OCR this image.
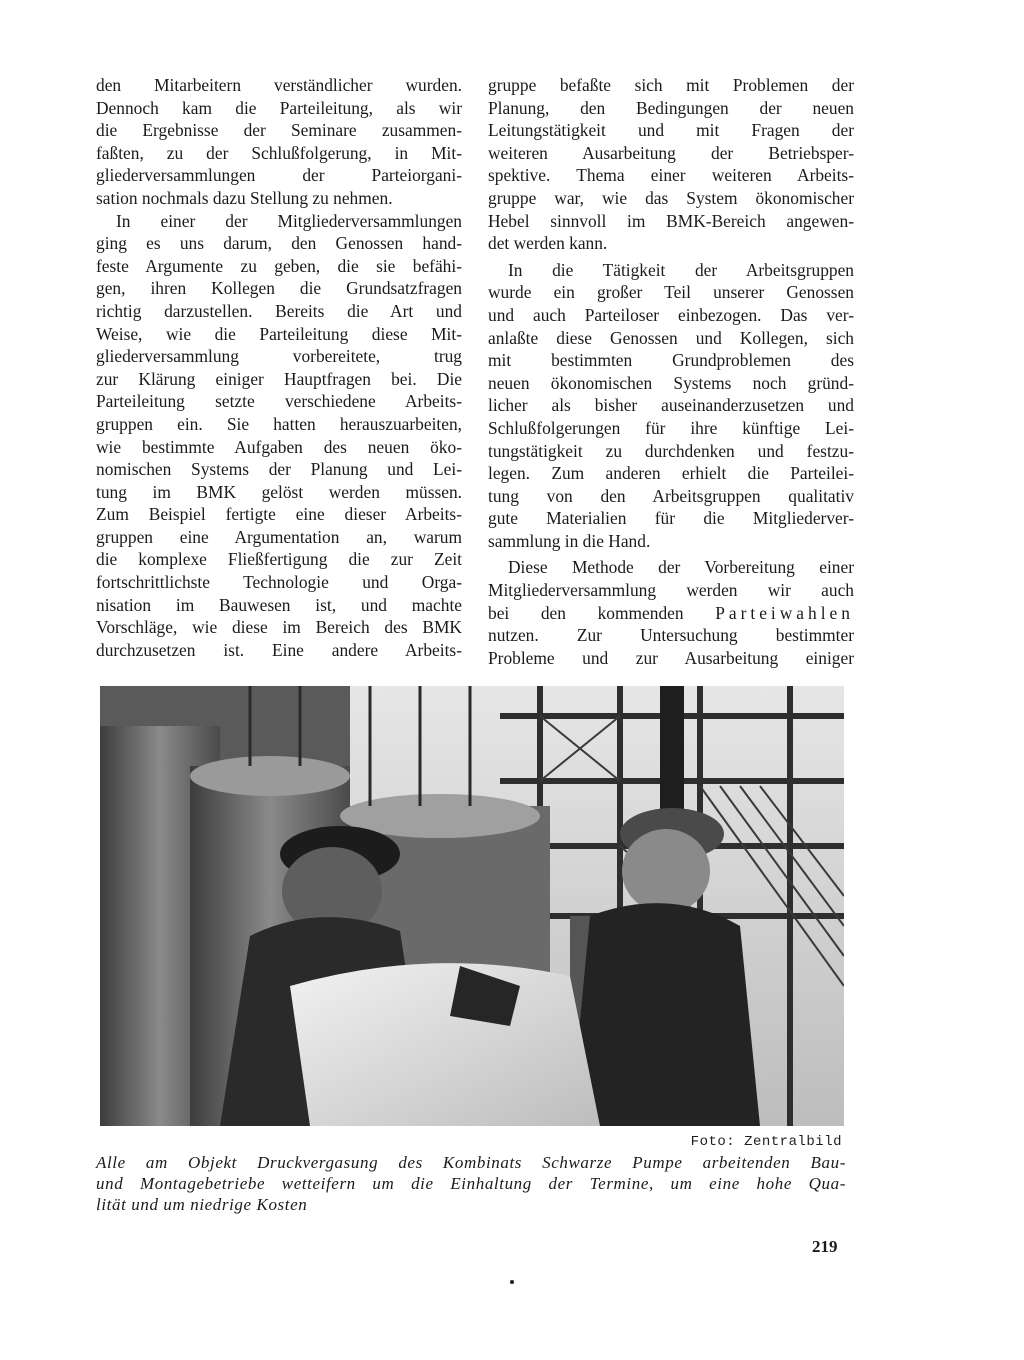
den Mitarbeitern verständlicher wurden.
Dennoch kam die Parteileitung, als wir
die Ergebnisse der Seminare zusammen-
faßten, zu der Schlußfolgerung, in Mit-
gliederversammlungen der Parteiorgani-
sation nochmals dazu Stellung zu nehmen.

In einer der Mitgliederversammlungen
ging es uns darum, den Genossen hand-
feste Argumente zu geben, die sie befähi-
gen, ihren Kollegen die Grundsatzfragen
richtig darzustellen. Bereits die Art und
Weise, wie die Parteileitung diese Mit-
gliederversammlung vorbereitete, trug
zur Klärung einiger Hauptfragen bei. Die
Parteileitung setzte verschiedene Arbeits-
gruppen ein. Sie hatten herauszuarbeiten,
wie bestimmte Aufgaben des neuen öko-
nomischen Systems der Planung und Lei-
tung im BMK gelöst werden müssen.
Zum Beispiel fertigte eine dieser Arbeits-
gruppen eine Argumentation an, warum
die komplexe Fließfertigung die zur Zeit
fortschrittlichste Technologie und Orga-
nisation im Bauwesen ist, und machte
Vorschläge, wie diese im Bereich des BMK
durchzusetzen ist. Eine andere Arbeits-

gruppe befaßte sich mit Problemen der
Planung, den Bedingungen der neuen
Leitungstätigkeit und mit Fragen der
weiteren Ausarbeitung der Betriebsper-
spektive. Thema einer weiteren Arbeits-
gruppe war, wie das System ökonomischer
Hebel sinnvoll im BMK-Bereich angewen-
det werden kann.

In die Tätigkeit der Arbeitsgruppen
wurde ein großer Teil unserer Genossen
und auch Parteiloser einbezogen. Das ver-
anlaßte diese Genossen und Kollegen, sich
mit bestimmten Grundproblemen des
neuen ökonomischen Systems noch gründ-
licher als bisher auseinanderzusetzen und
Schlußfolgerungen für ihre künftige Lei-
tungstätigkeit zu durchdenken und festzu-
legen. Zum anderen erhielt die Parteilei-
tung von den Arbeitsgruppen qualitativ
gute Materialien für die Mitgliederver-
sammlung in die Hand.

Diese Methode der Vorbereitung einer
Mitgliederversammlung werden wir auch
bei den kommenden Parteiwahlen
nutzen. Zur Untersuchung bestimmter
Probleme und zur Ausarbeitung einiger

Foto: Zentralbild
Alle am Objekt Druckvergasung des Kombinats Schwarze Pumpe arbeitenden Bau-
und Montagebetriebe wetteifern um die Einhaltung der Termine, um eine hohe Qua-
lität und um niedrige Kosten
219
